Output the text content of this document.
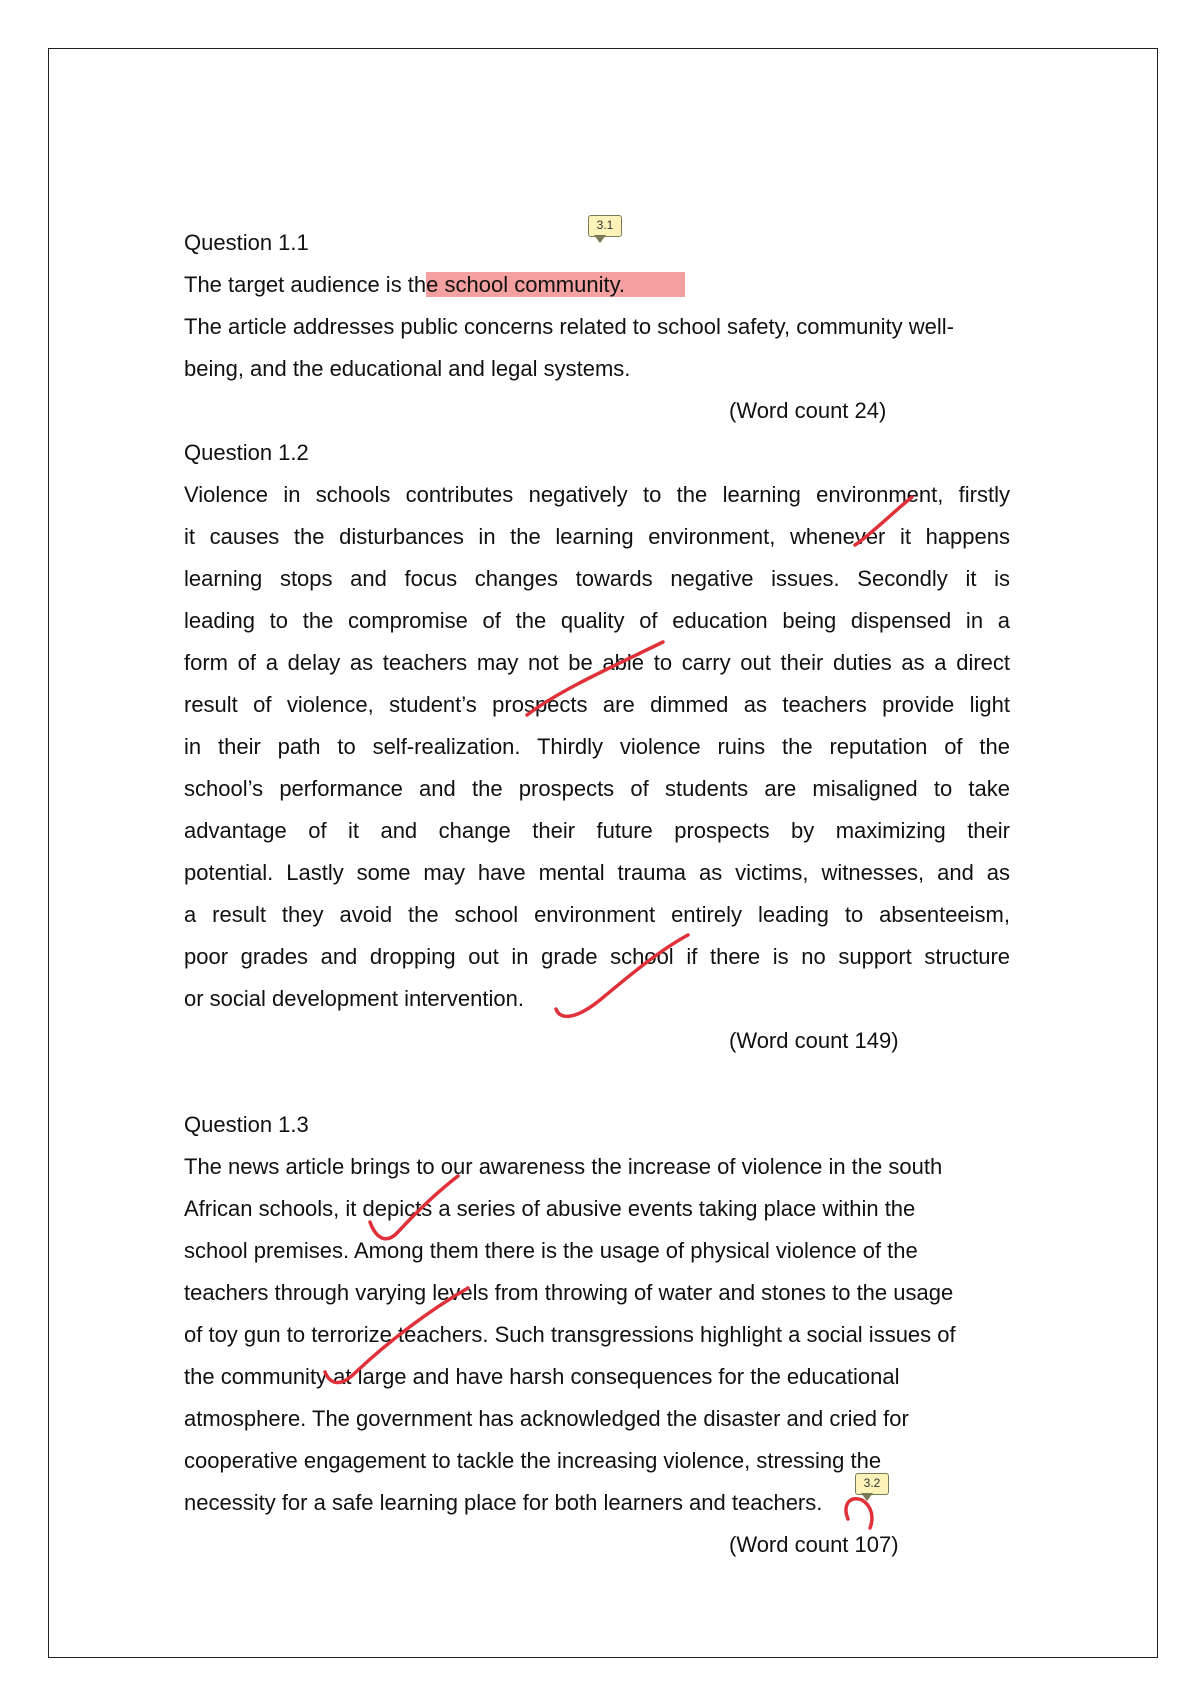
Question 1.1
The target audience is the school community.
The article addresses public concerns related to school safety, community well-
being, and the educational and legal systems.
(Word count 24)
Question 1.2
Violence in schools contributes negatively to the learning environment, firstly
it causes the disturbances in the learning environment, whenever it happens
learning stops and focus changes towards negative issues. Secondly it is
leading to the compromise of the quality of education being dispensed in a
form of a delay as teachers may not be able to carry out their duties as a direct
result of violence, student’s prospects are dimmed as teachers provide light
in their path to self-realization. Thirdly violence ruins the reputation of the
school’s performance and the prospects of students are misaligned to take
advantage of it and change their future prospects by maximizing their
potential. Lastly some may have mental trauma as victims, witnesses, and as
a result they avoid the school environment entirely leading to absenteeism,
poor grades and dropping out in grade school if there is no support structure
or social development intervention.
(Word count 149)
Question 1.3
The news article brings to our awareness the increase of violence in the south
African schools, it depicts a series of abusive events taking place within the
school premises. Among them there is the usage of physical violence of the
teachers through varying levels from throwing of water and stones to the usage
of toy gun to terrorize teachers. Such transgressions highlight a social issues of
the community at large and have harsh consequences for the educational
atmosphere. The government has acknowledged the disaster and cried for
cooperative engagement to tackle the increasing violence, stressing the
necessity for a safe learning place for both learners and teachers.
(Word count 107)
3.1
3.2
